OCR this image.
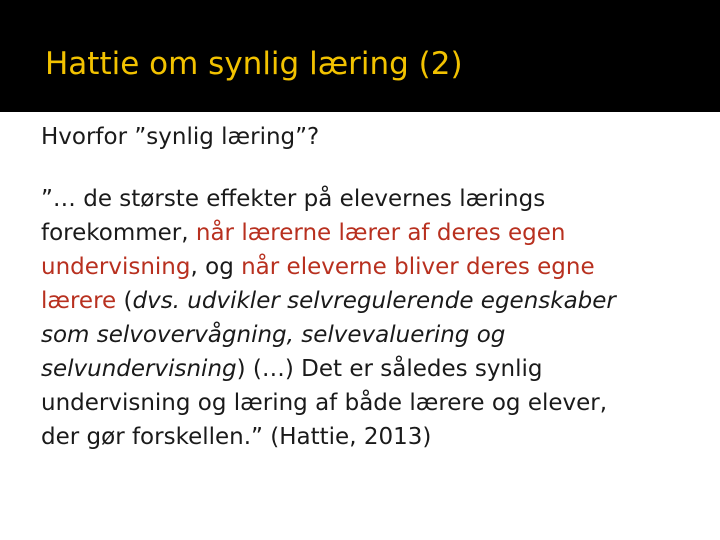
Hattie om synlig læring (2)

Hvorfor ”synlig læring”?

”… de største effekter på elevernes lærings
forekommer, når lærerne lærer af deres egen
undervisning, og når eleverne bliver deres egne
lærere (dvs. udvikler selvregulerende egenskaber
som selvovervågning, selvevaluering og
selvundervisning) (…) Det er således synlig
undervisning og læring af både lærere og elever,
der gør forskellen.” (Hattie, 2013)
